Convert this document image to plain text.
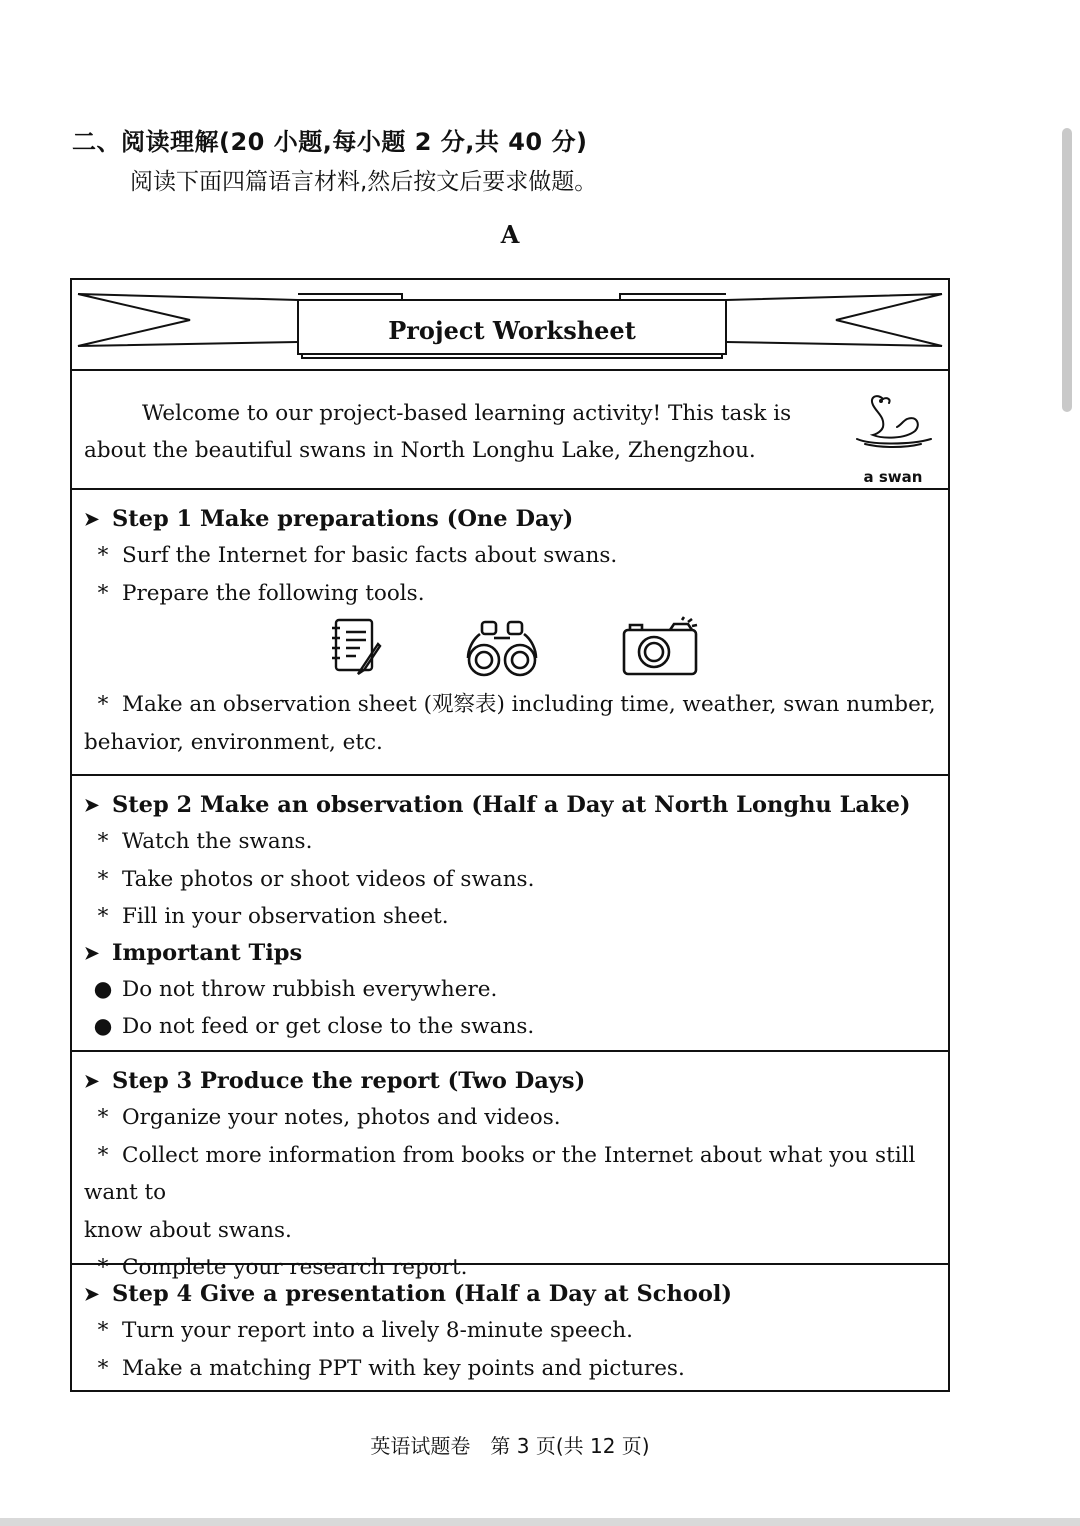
二、阅读理解(20 小题,每小题 2 分,共 40 分)
阅读下面四篇语言材料,然后按文后要求做题。
A
Project Worksheet

Welcome to our project-based learning activity! This task is about the beautiful swans in North Longhu Lake, Zhengzhou.

a swan
➤ Step 1 Make preparations (One Day)
* Surf the Internet for basic facts about swans.
* Prepare the following tools.
* Make an observation sheet (观察表) including time, weather, swan number,
behavior, environment, etc.
➤ Step 2 Make an observation (Half a Day at North Longhu Lake)
* Watch the swans.
* Take photos or shoot videos of swans.
* Fill in your observation sheet.
➤ Important Tips
● Do not throw rubbish everywhere.
● Do not feed or get close to the swans.
➤ Step 3 Produce the report (Two Days)
* Organize your notes, photos and videos.
* Collect more information from books or the Internet about what you still want to
know about swans.
* Complete your research report.
➤ Step 4 Give a presentation (Half a Day at School)
* Turn your report into a lively 8-minute speech.
* Make a matching PPT with key points and pictures.
英语试题卷　第 3 页(共 12 页)
